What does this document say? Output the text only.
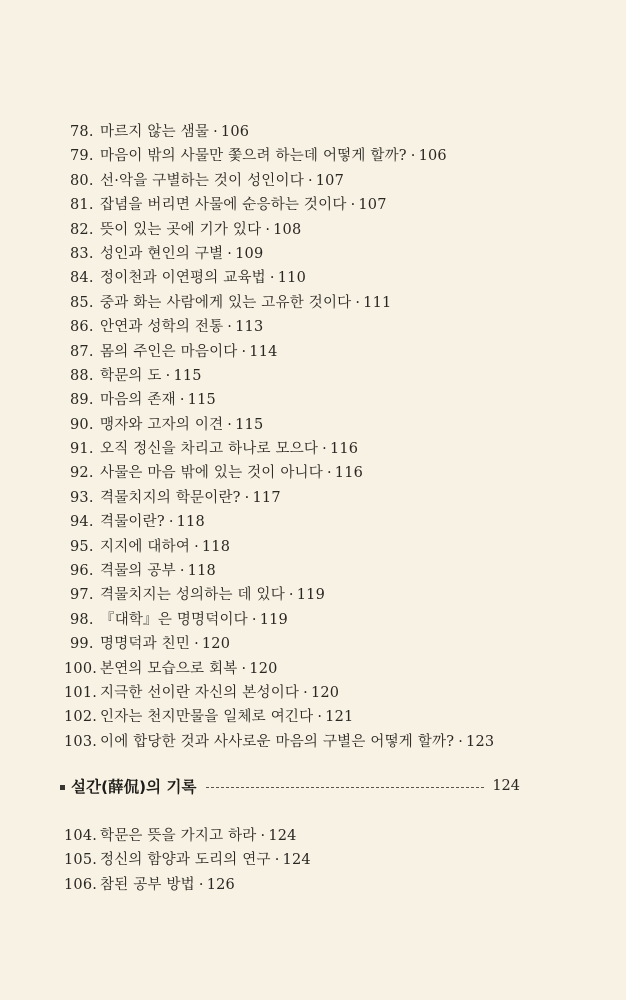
78. 마르지 않는 샘물 · 106
79. 마음이 밖의 사물만 쫓으려 하는데 어떻게 할까? · 106
80. 선·악을 구별하는 것이 성인이다 · 107
81. 잡념을 버리면 사물에 순응하는 것이다 · 107
82. 뜻이 있는 곳에 기가 있다 · 108
83. 성인과 현인의 구별 · 109
84. 정이천과 이연평의 교육법 · 110
85. 중과 화는 사람에게 있는 고유한 것이다 · 111
86. 안연과 성학의 전통 · 113
87. 몸의 주인은 마음이다 · 114
88. 학문의 도 · 115
89. 마음의 존재 · 115
90. 맹자와 고자의 이견 · 115
91. 오직 정신을 차리고 하나로 모으다 · 116
92. 사물은 마음 밖에 있는 것이 아니다 · 116
93. 격물치지의 학문이란? · 117
94. 격물이란? · 118
95. 지지에 대하여 · 118
96. 격물의 공부 · 118
97. 격물치지는 성의하는 데 있다 · 119
98. 『대학』은 명명덕이다 · 119
99. 명명덕과 친민 · 120
100. 본연의 모습으로 회복 · 120
101. 지극한 선이란 자신의 본성이다 · 120
102. 인자는 천지만물을 일체로 여긴다 · 121
103. 이에 합당한 것과 사사로운 마음의 구별은 어떻게 할까? · 123
설간(薛侃)의 기록	124
104. 학문은 뜻을 가지고 하라 · 124
105. 정신의 함양과 도리의 연구 · 124
106. 참된 공부 방법 · 126
